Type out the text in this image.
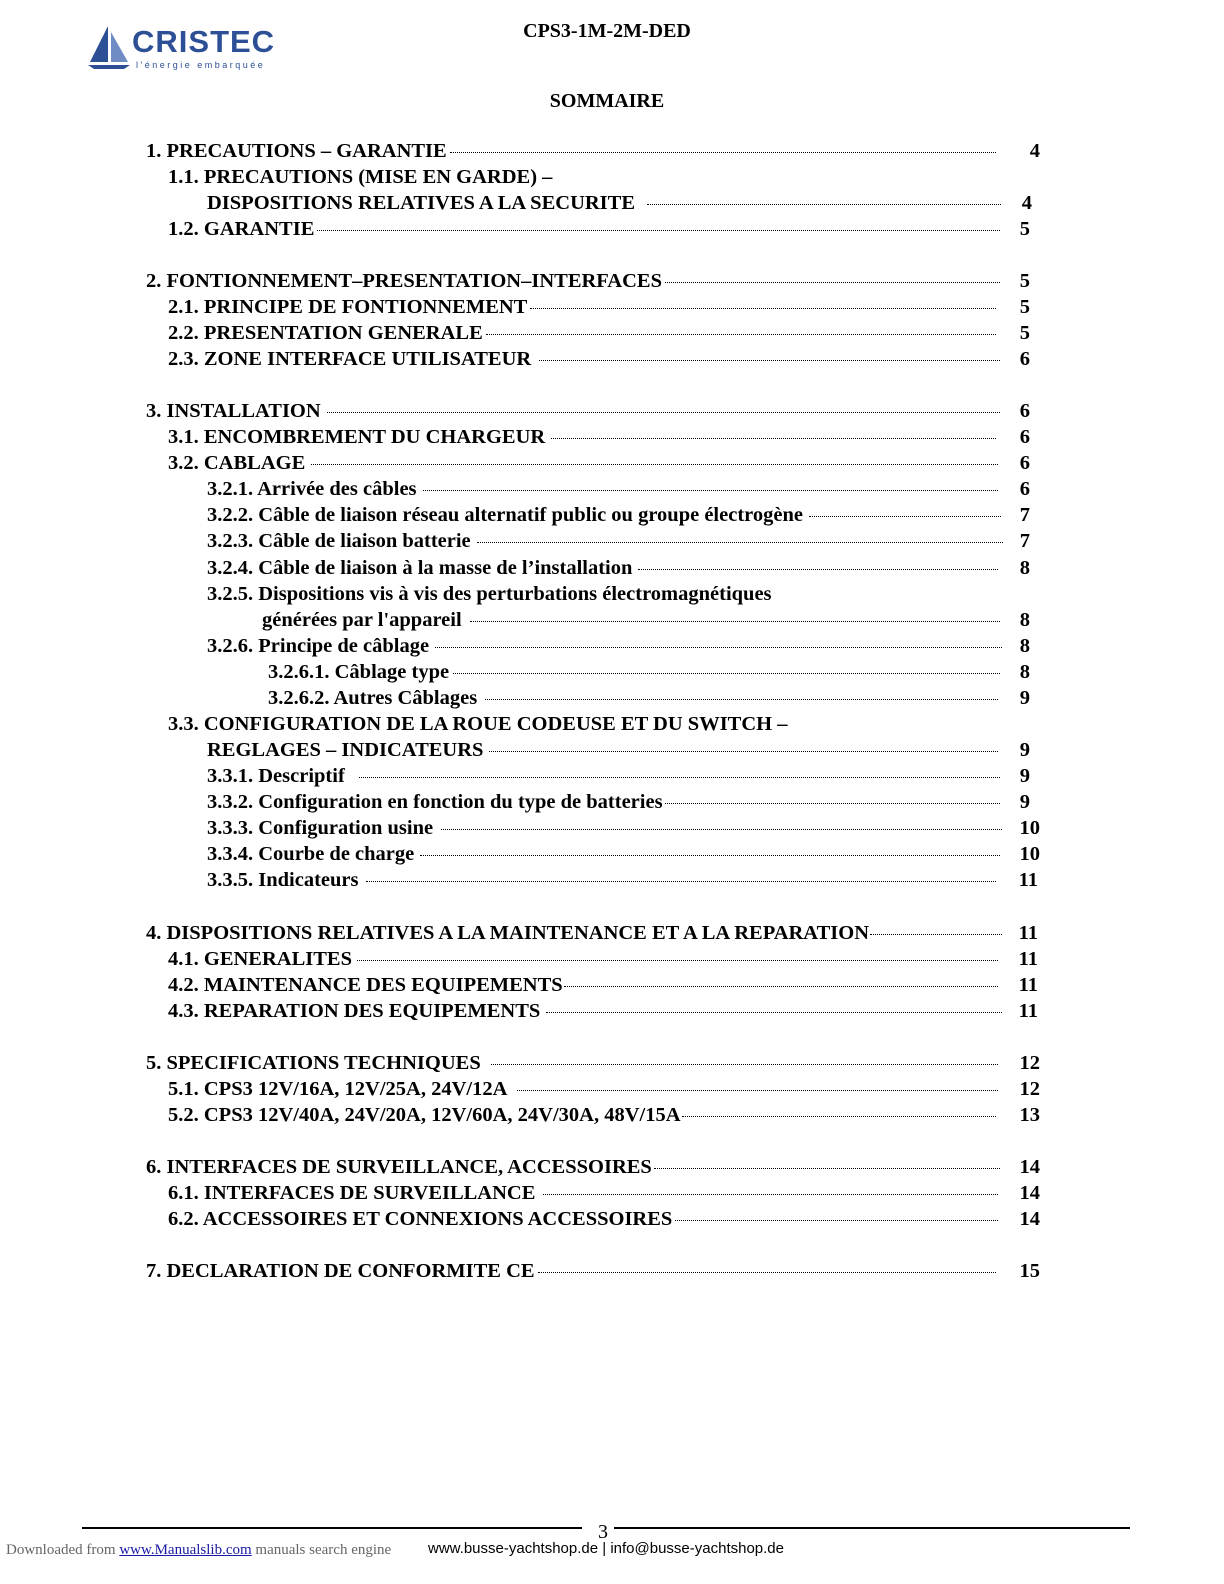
CRISTEC
l'énergie embarquée
CPS3-1M-2M-DED
SOMMAIRE
1. PRECAUTIONS – GARANTIE	4
1.1. PRECAUTIONS (MISE EN GARDE) –
DISPOSITIONS RELATIVES A LA SECURITE	4
1.2. GARANTIE	5
2. FONTIONNEMENT–PRESENTATION–INTERFACES	5
2.1. PRINCIPE DE FONTIONNEMENT	5
2.2. PRESENTATION GENERALE	5
2.3. ZONE INTERFACE UTILISATEUR	6
3. INSTALLATION	6
3.1. ENCOMBREMENT DU CHARGEUR	6
3.2. CABLAGE	6
3.2.1. Arrivée des câbles	6
3.2.2. Câble de liaison réseau alternatif public ou groupe électrogène	7
3.2.3. Câble de liaison batterie	7
3.2.4. Câble de liaison à la masse de l’installation	8
3.2.5. Dispositions vis à vis des perturbations électromagnétiques
générées par l'appareil	8
3.2.6. Principe de câblage	8
3.2.6.1. Câblage type	8
3.2.6.2. Autres Câblages	9
3.3. CONFIGURATION DE LA ROUE CODEUSE ET DU SWITCH –
REGLAGES – INDICATEURS	9
3.3.1. Descriptif	9
3.3.2. Configuration en fonction du type de batteries	9
3.3.3. Configuration usine	10
3.3.4. Courbe de charge	10
3.3.5. Indicateurs	11
4. DISPOSITIONS RELATIVES A LA MAINTENANCE ET A LA REPARATION	11
4.1. GENERALITES	11
4.2. MAINTENANCE DES EQUIPEMENTS	11
4.3. REPARATION DES EQUIPEMENTS	11
5. SPECIFICATIONS TECHNIQUES	12
5.1. CPS3 12V/16A, 12V/25A, 24V/12A	12
5.2. CPS3 12V/40A, 24V/20A, 12V/60A, 24V/30A, 48V/15A	13
6. INTERFACES DE SURVEILLANCE, ACCESSOIRES	14
6.1. INTERFACES DE SURVEILLANCE	14
6.2. ACCESSOIRES ET CONNEXIONS ACCESSOIRES	14
7. DECLARATION DE CONFORMITE CE	15
3
Downloaded from www.Manualslib.com manuals search engine www.busse-yachtshop.de | info@busse-yachtshop.de
